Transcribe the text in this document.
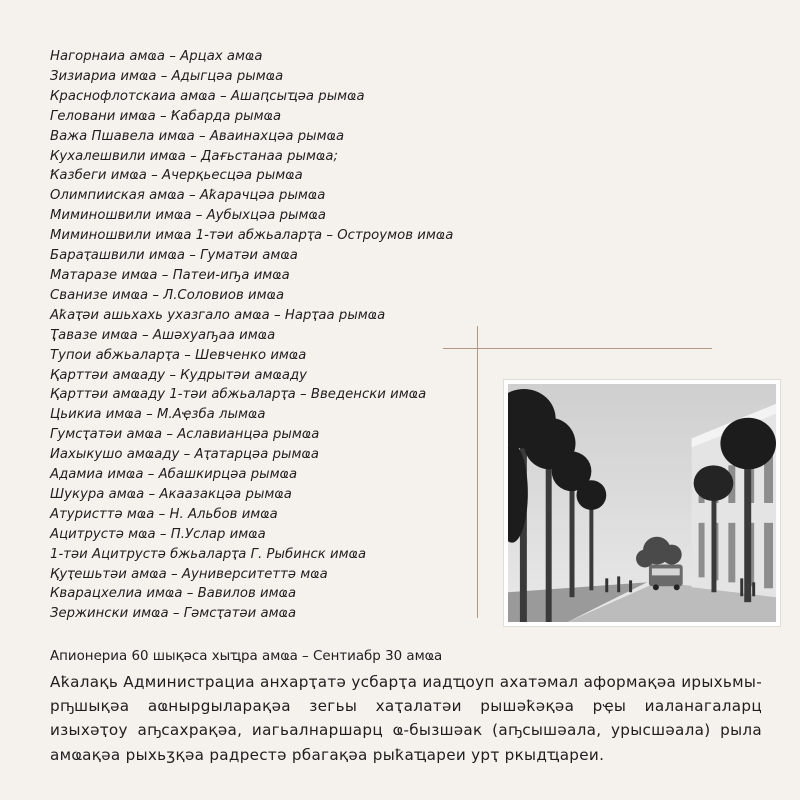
Нагорнаиа амҩа – Арцах амҩа
Зизиариа имҩа – Адыгцәа рымҩа
Краснофлотскаиа амҩа – Ашаԥсыҵәа рымҩа
Геловани имҩа – Ҟабарда рымҩа
Важа Пшавела имҩа – Аваинахцәа рымҩа
Кухалешвили имҩа – Дағьстанаа рымҩа;
Ҟазбеги имҩа – Ачерқьесцәа рымҩа
Олимпииская амҩа – Аҟарачцәа рымҩа
Миминошвили имҩа – Аубыхцәа рымҩа
Миминошвили имҩа 1-тәи абжьаларҭа – Остроумов имҩа
Бараҭашвили имҩа – Гуматәи амҩа
Матаразе имҩа – Патеи-иҧа имҩа
Сванизе имҩа – Л.Соловиов имҩа
Аҟаҭәи ашьхахь ухазгало амҩа – Нарҭаа рымҩа
Ҭавазе имҩа – Ашәхуаҧаа имҩа
Тупои абжьаларҭа – Шевченко имҩа
Қарттәи амҩаду – Кудрытәи амҩаду
Қарттәи амҩаду 1-тәи абжьаларҭа – Введенски имҩа
Цьикиа имҩа – М.Аҿзба лымҩа
Гумсҭатәи амҩа – Аславианцәа рымҩа
Иахыкушо амҩаду – Аҭатарцәа рымҩа
Адамиа имҩа – Абашкирцәа рымҩа
Шукура амҩа – Акаазакцәа рымҩа
Атуристтә мҩа – Н. Альбов имҩа
Ацитрустә мҩа – П.Услар имҩа
1-тәи Ацитрустә бжьаларҭа Г. Рыбинск имҩа
Қуҭешьтәи амҩа – Ауниверситеттә мҩа
Кварацхелиа имҩа – Вавилов имҩа
Зержински имҩа – Гәмсҭатәи амҩа
Апионериа 60 шықәса хыҵра амҩа – Сентиабр 30 амҩа

Аҟалақь Администрациа анхарҭатә усбарҭа иадҵоуп ахатәмал афоpмақәа ирыхьмы-рҧшықәа аҩнырgыларақәа зегьы хаҭалатәи рышәҟәқәа рҿы иаланагаларц изыхәҭоу аҧсахрақәа, иагьалнаршарц ҩ-бызшәак (аҧсышәала, урысшәала) рыла амҩақәа рыхьӡқәа радрестә рбагақәа рыҟаҵареи урҭ ркыдҵареи.
